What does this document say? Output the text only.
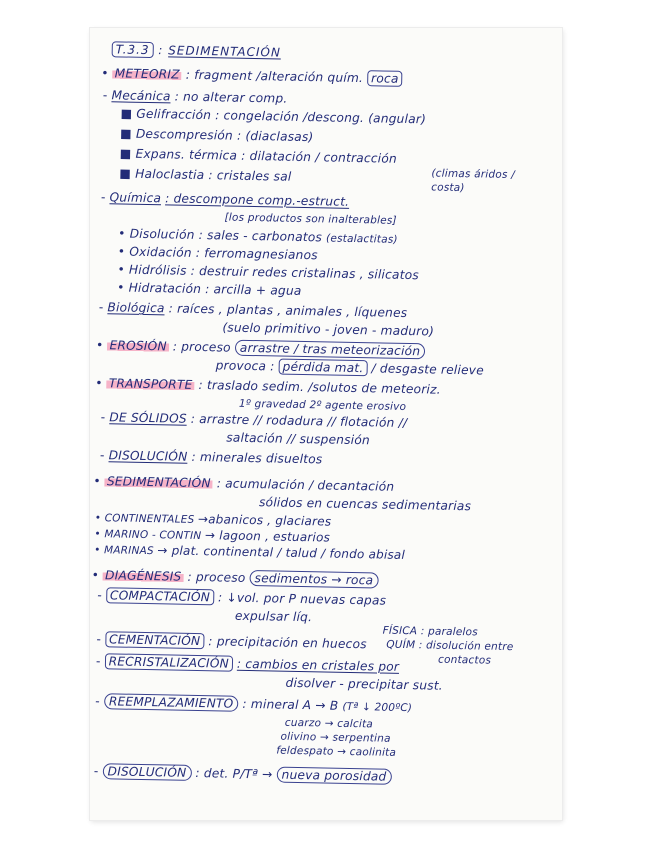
T.3.3 : SEDIMENTACIÓN
• METEORIZ : fragment /alteración quím. roca
- Mecánica : no alterar comp.
■ Gelifracción : congelación /descong. (angular)
■ Descompresión : (diaclasas)
■ Expans. térmica : dilatación / contracción
■ Haloclastia : cristales sal	(climas áridos / costa)
- Química : descompone comp.-estruct.
[los productos son inalterables]
• Disolución : sales - carbonatos (estalactitas)
• Oxidación : ferromagnesianos
• Hidrólisis : destruir redes cristalinas , silicatos
• Hidratación : arcilla + agua
- Biológica : raíces , plantas , animales , líquenes
(suelo primitivo - joven - maduro)
• EROSIÓN : proceso arrastre / tras meteorización
provoca : pérdida mat. / desgaste relieve
• TRANSPORTE : traslado sedim. /solutos de meteoriz.
1º gravedad 2º agente erosivo
- DE SÓLIDOS : arrastre // rodadura // flotación //
saltación // suspensión
- DISOLUCIÓN : minerales disueltos
• SEDIMENTACIÓN : acumulación / decantación
sólidos en cuencas sedimentarias
• CONTINENTALES →abanicos , glaciares
• MARINO - CONTIN → lagoon , estuarios
• MARINAS → plat. continental / talud / fondo abisal
• DIAGÉNESIS : proceso sedimentos → roca
- COMPACTACIÓN : ↓vol. por P nuevas capas
expulsar líq.
FÍSICA : paralelos
QUÍM : disolución entre
contactos
- CEMENTACIÓN : precipitación en huecos
- RECRISTALIZACIÓN : cambios en cristales por
disolver - precipitar sust.
- REEMPLAZAMIENTO : mineral A → B (Tª ↓ 200ºC)
cuarzo → calcita
olivino → serpentina
feldespato → caolinita
- DISOLUCIÓN : det. P/Tª → nueva porosidad
